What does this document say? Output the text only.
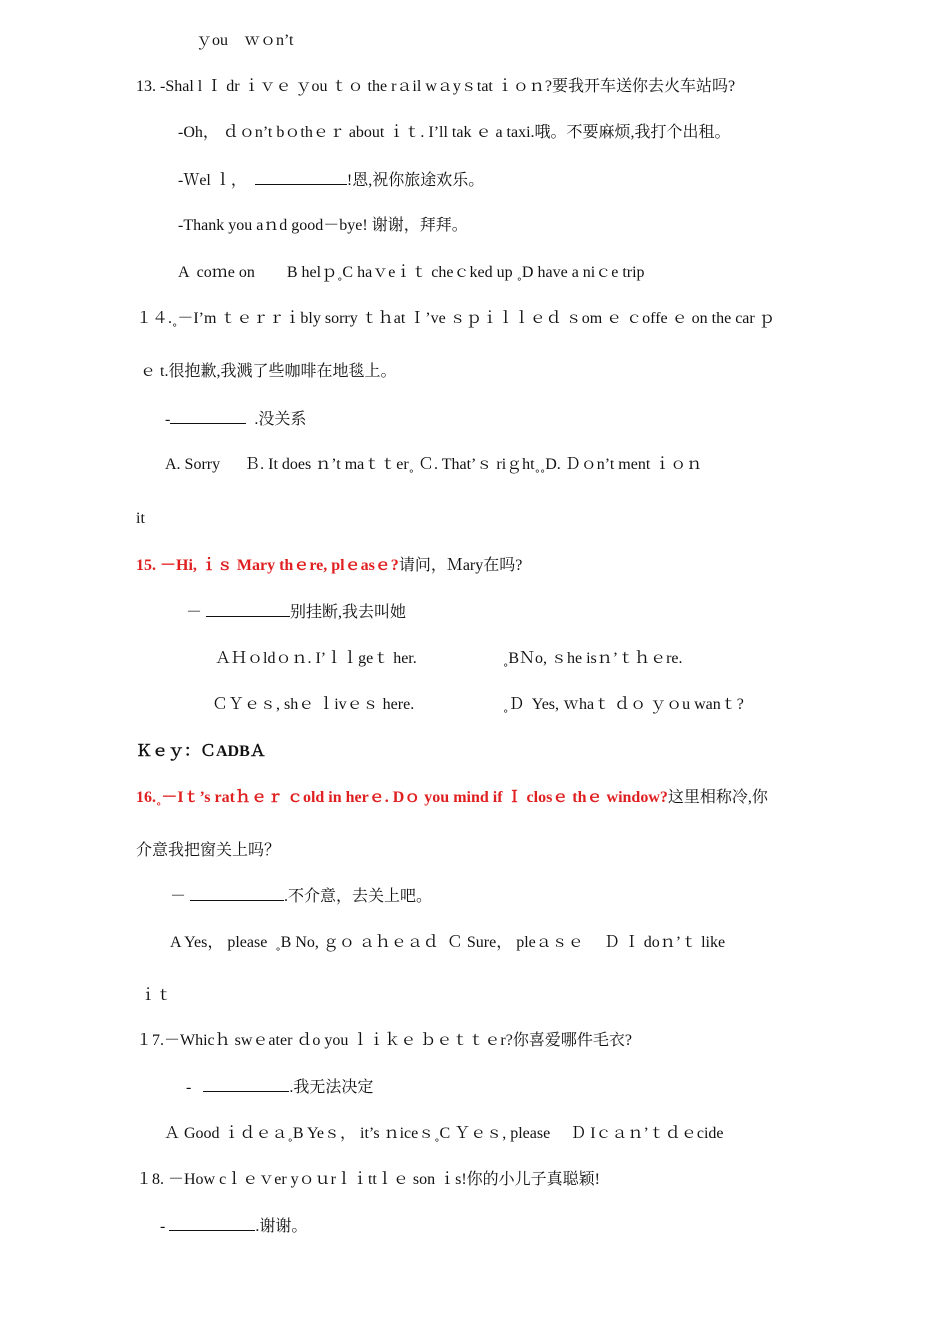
ｙou　ｗｏn’t
13. -Shal l Ｉ dr ｉｖｅ ｙou ｔｏ the rａil wａyｓtat ｉｏｎ?要我开车送你去火车站吗?
-Oh， ｄｏn’t bｏthｅｒ about ｉｔ. I’ll tak ｅ a taxi.哦。不要麻烦,我打个出租。
-Ｗel ｌ，	!恩,祝你旅途欢乐。
-Thank you aｎd good－bye! 谢谢，拜拜。
A  coｍe on        B helｐ˳C haｖeｉｔ cheｃked up ˳D have a niｃe trip
１４.˳－I’m ｔｅｒｒｉbly sorry ｔｈat Ｉ’ve ｓｐｉｌｌｅｄ ｓom ｅ ｃoffe ｅ on the car ｐ
ｅ t.很抱歉,我溅了些咖啡在地毯上。
-	.没关系
A. Sorry      Ｂ. It does ｎ’t maｔｔer˳ Ｃ. That’ｓ riｇht˳˳D. Ｄｏn’t ment ｉｏｎ
it
15. －Hi, ｉｓ Mary thｅre, plｅasｅ?请问，Ｍary在吗?
－	别挂断,我去叫她
ＡＨｏldｏｎ. I’ｌｌgeｔ her.	˳BＮo, ｓhe isｎ’ｔｈｅre.
ＣＹｅｓ, shｅ ｌivｅｓ here.	˳Ｄ  Yes, ｗhaｔ ｄｏ ｙｏu wanｔ?
Ｋｅｙ：ＣADBＡ
16.˳－Iｔ’s ratｈｅｒ ｃold in herｅ. Dｏ you mind if Ｉ closｅ thｅ window?这里相称冷,你
介意我把窗关上吗？
－	.不介意，去关上吧。
A Yes， please  ˳B No, ｇｏ ａｈｅａｄ  Ｃ Sure， pleａｓｅ     Ｄ Ｉ doｎ’ｔ like
ｉｔ
１7.－Whicｈ swｅater ｄo you ｌｉｋｅ ｂｅｔｔｅr?你喜爱哪件毛衣?
-	.我无法决定
Ａ Good ｉｄｅａ˳B Yeｓ， it’s ｎiceｓ˳C Ｙｅｓ, please     Ｄ Iｃａｎ’ｔｄｅcide
１8. －How cｌｅｖer yｏｕrｌｉttｌｅ son ｉs!你的小儿子真聪颖!
-	.谢谢。
